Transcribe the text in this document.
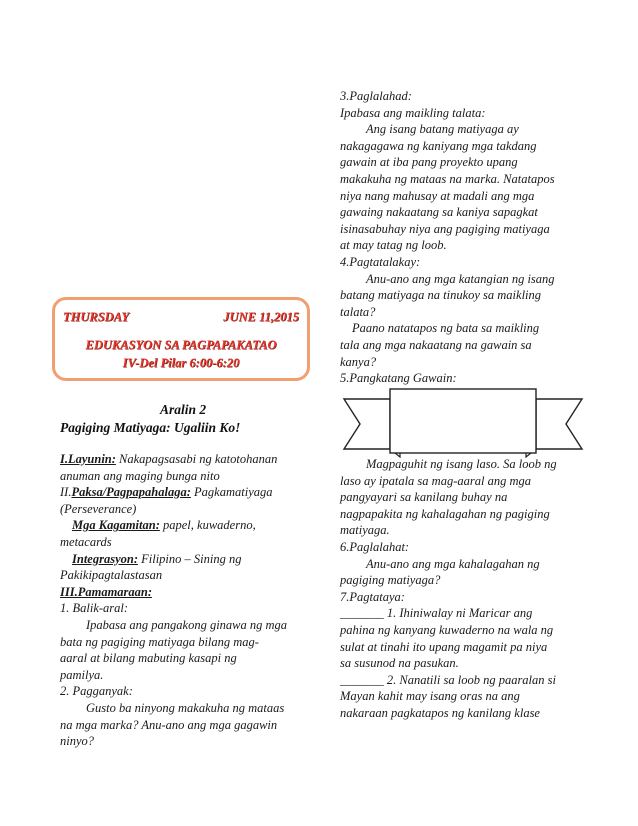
THURSDAY	JUNE 11,2015
EDUKASYON SA PAGPAPAKATAO
IV-Del Pilar 6:00-6:20
Aralin 2
Pagiging Matiyaga: Ugaliin Ko!
I.Layunin: Nakapagsasabi ng katotohanan
anuman ang maging bunga nito
II.Paksa/Pagpapahalaga: Pagkamatiyaga
(Perseverance)
Mga Kagamitan: papel, kuwaderno,
metacards
Integrasyon: Filipino – Sining ng
Pakikipagtalastasan
III.Pamamaraan:
1. Balik-aral:
Ipabasa ang pangakong ginawa ng mga
bata ng pagiging matiyaga bilang mag-
aaral at bilang mabuting kasapi ng
pamilya.
2. Pagganyak:
Gusto ba ninyong makakuha ng mataas
na mga marka? Anu-ano ang mga gagawin
ninyo?
3.Paglalahad:
Ipabasa ang maikling talata:
Ang isang batang matiyaga ay
nakagagawa ng kaniyang mga takdang
gawain at iba pang proyekto upang
makakuha ng mataas na marka. Natatapos
niya nang mahusay at madali ang mga
gawaing nakaatang sa kaniya sapagkat
isinasabuhay niya ang pagiging matiyaga
at may tatag ng loob.
4.Pagtatalakay:
Anu-ano ang mga katangian ng isang
batang matiyaga na tinukoy sa maikling
talata?
Paano natatapos ng bata sa maikling
tala ang mga nakaatang na gawain sa
kanya?
5.Pangkatang Gawain:
Magpaguhit ng isang laso. Sa loob ng
laso ay ipatala sa mag-aaral ang mga
pangyayari sa kanilang buhay na
nagpapakita ng kahalagahan ng pagiging
matiyaga.
6.Paglalahat:
Anu-ano ang mga kahalagahan ng
pagiging matiyaga?
7.Pagtataya:
_______ 1. Ihiniwalay ni Maricar ang
pahina ng kanyang kuwaderno na wala ng
sulat at tinahi ito upang magamit pa niya
sa susunod na pasukan.
_______ 2. Nanatili sa loob ng paaralan si
Mayan kahit may isang oras na ang
nakaraan pagkatapos ng kanilang klase
